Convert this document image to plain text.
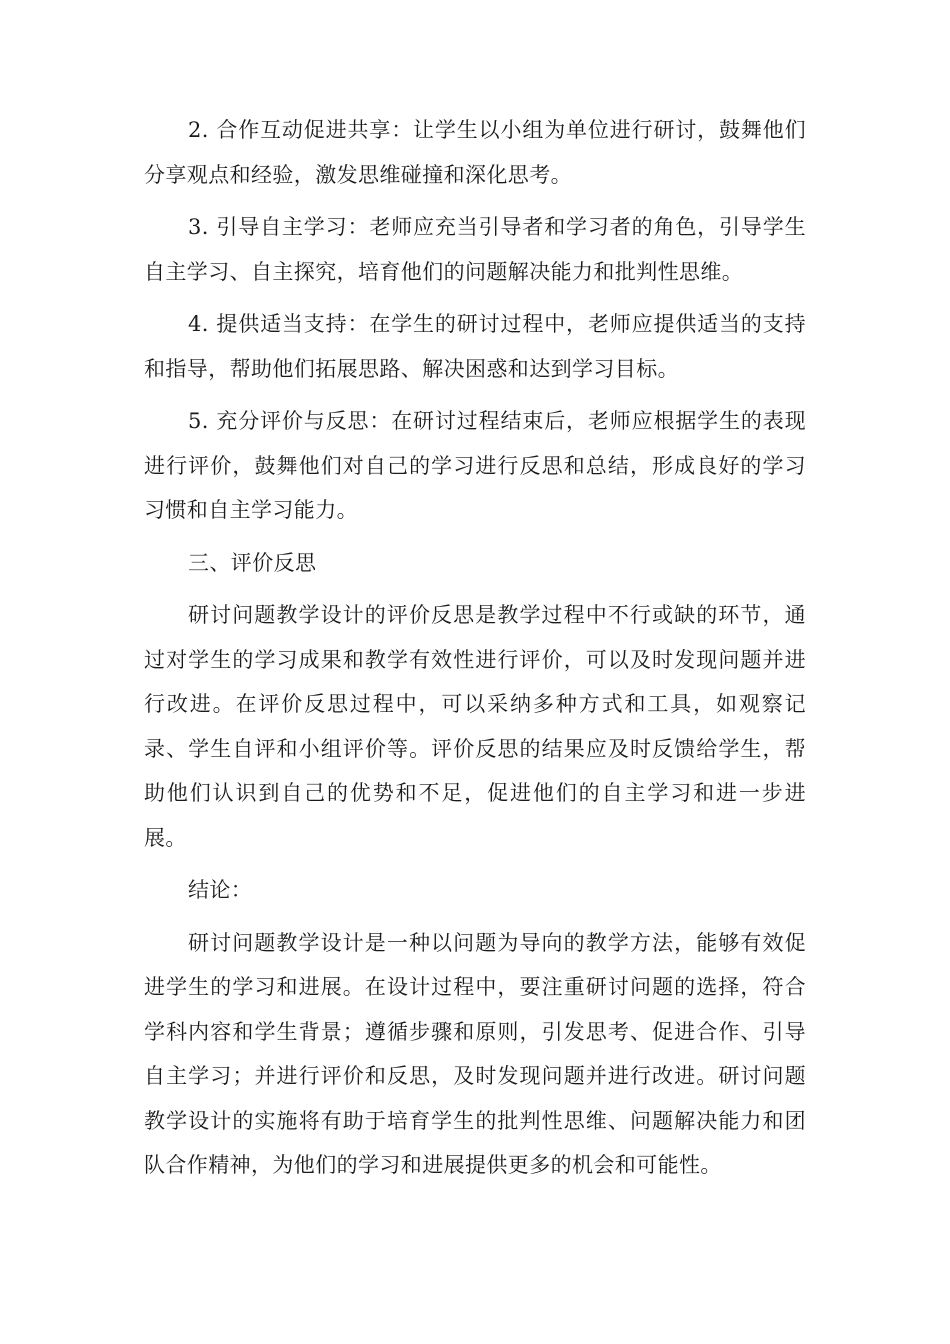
2. 合作互动促进共享：让学生以小组为单位进行研讨，鼓舞他们分享观点和经验，激发思维碰撞和深化思考。

3. 引导自主学习：老师应充当引导者和学习者的角色，引导学生自主学习、自主探究，培育他们的问题解决能力和批判性思维。

4. 提供适当支持：在学生的研讨过程中，老师应提供适当的支持和指导，帮助他们拓展思路、解决困惑和达到学习目标。

5. 充分评价与反思：在研讨过程结束后，老师应根据学生的表现进行评价，鼓舞他们对自己的学习进行反思和总结，形成良好的学习习惯和自主学习能力。

三、评价反思

研讨问题教学设计的评价反思是教学过程中不行或缺的环节，通过对学生的学习成果和教学有效性进行评价，可以及时发现问题并进行改进。在评价反思过程中，可以采纳多种方式和工具，如观察记录、学生自评和小组评价等。评价反思的结果应及时反馈给学生，帮助他们认识到自己的优势和不足，促进他们的自主学习和进一步进展。

结论：

研讨问题教学设计是一种以问题为导向的教学方法，能够有效促进学生的学习和进展。在设计过程中，要注重研讨问题的选择，符合学科内容和学生背景；遵循步骤和原则，引发思考、促进合作、引导自主学习；并进行评价和反思，及时发现问题并进行改进。研讨问题教学设计的实施将有助于培育学生的批判性思维、问题解决能力和团队合作精神，为他们的学习和进展提供更多的机会和可能性。
